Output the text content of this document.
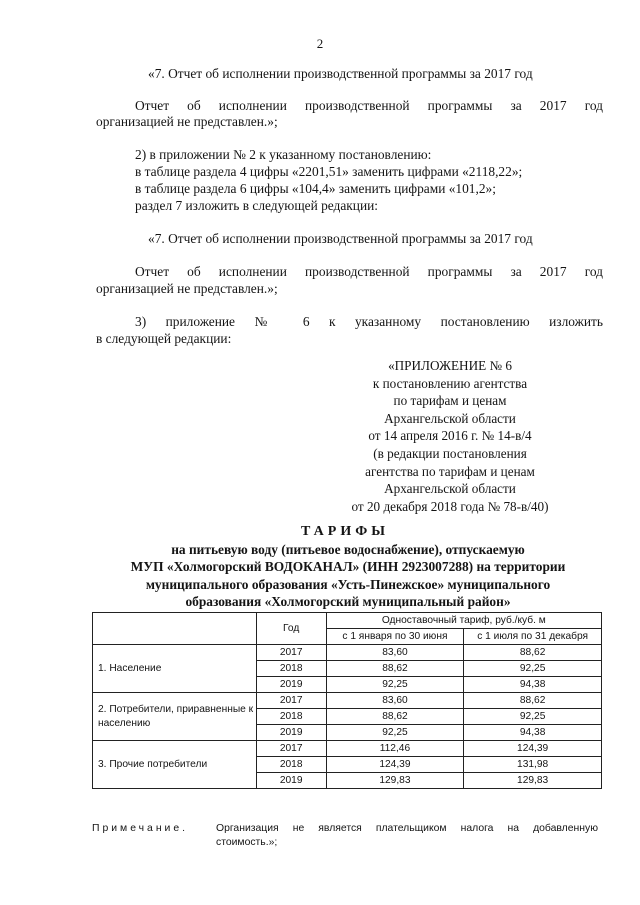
2
«7. Отчет об исполнении производственной программы за 2017 год
Отчет об исполнении производственной программы за 2017 год
организацией не представлен.»;
2) в приложении № 2 к указанному постановлению:
в таблице раздела 4 цифры «2201,51» заменить цифрами «2118,22»;
в таблице раздела 6 цифры «104,4» заменить цифрами «101,2»;
раздел 7 изложить в следующей редакции:
«7. Отчет об исполнении производственной программы за 2017 год
Отчет об исполнении производственной программы за 2017 год
организацией не представлен.»;
3) приложение № 6 к указанному постановлению изложить
в следующей редакции:
«ПРИЛОЖЕНИЕ № 6
к постановлению агентства
по тарифам и ценам
Архангельской области
от 14 апреля 2016 г. № 14-в/4
(в редакции постановления
агентства по тарифам и ценам
Архангельской области
от 20 декабря 2018 года № 78-в/40)
ТАРИФЫ
на питьевую воду (питьевое водоснабжение), отпускаемую
МУП «Холмогорский ВОДОКАНАЛ» (ИНН 2923007288) на территории
муниципального образования «Усть-Пинежское» муниципального
образования «Холмогорский муниципальный район»
	Год	Одноставочный тариф, руб./куб. м	
		с 1 января по 30 июня	с 1 июля по 31 декабря
1. Население	2017	83,60	88,62
	2018	88,62	92,25
	2019	92,25	94,38
2. Потребители, приравненные к населению	2017	83,60	88,62
	2018	88,62	92,25
	2019	92,25	94,38
3. Прочие потребители	2017	112,46	124,39
	2018	124,39	131,98
	2019	129,83	129,83
Примечание.	Организация не является плательщиком налога на добавленную
стоимость.»;
